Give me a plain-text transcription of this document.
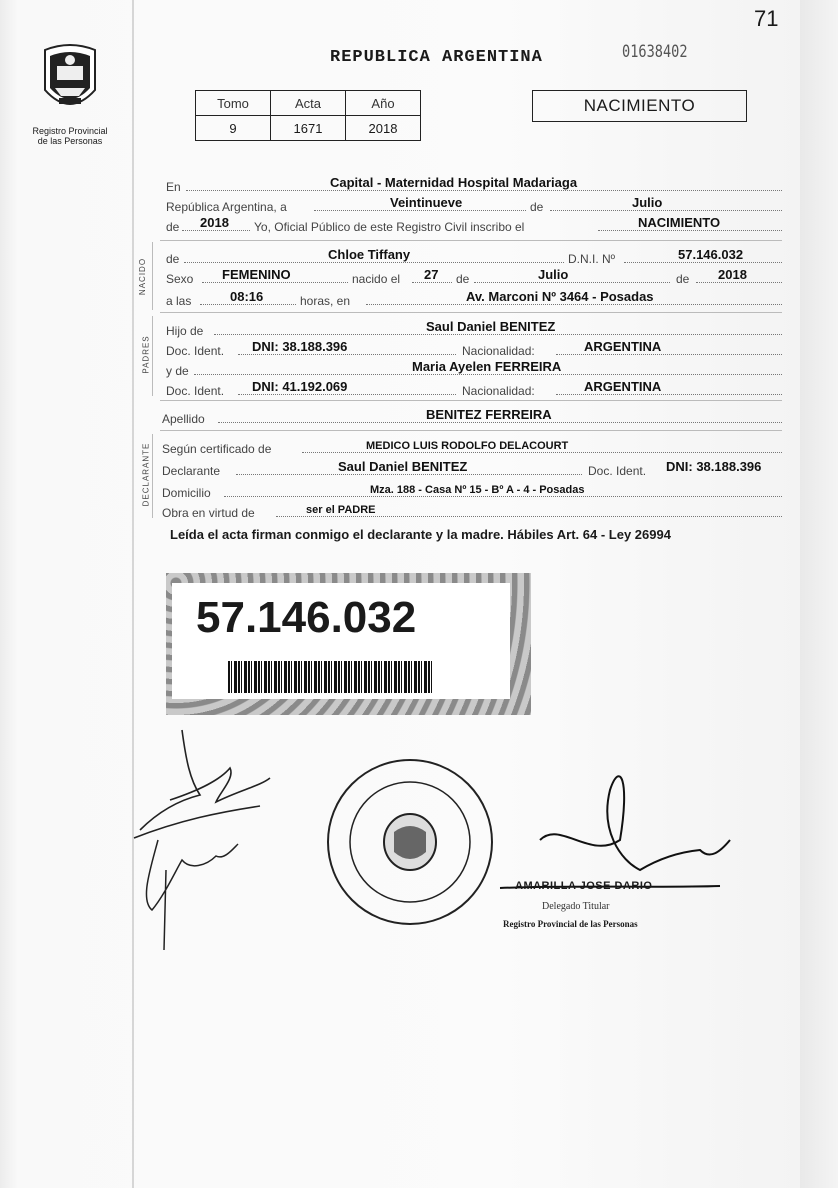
71
Registro Provincial
de las Personas
REPUBLICA ARGENTINA	01638402
Tomo	Acta	Año
9	1671	2018
NACIMIENTO
En	Capital - Maternidad Hospital Madariaga
República Argentina, a	Veintinueve	de	Julio
de 2018 Yo, Oficial Público de este Registro Civil inscribo el	NACIMIENTO
NACIDO de	Chloe Tiffany	D.N.I. Nº	57.146.032
Sexo FEMENINO	nacido el 27 de	Julio	de 2018
a las	08:16	horas, en	Av. Marconi Nº 3464 - Posadas
PADRES
Hijo de	Saul Daniel BENITEZ
Doc. Ident. DNI: 38.188.396	Nacionalidad:	ARGENTINA
y de	Maria Ayelen FERREIRA
Doc. Ident. DNI: 41.192.069	Nacionalidad:	ARGENTINA
Apellido	BENITEZ FERREIRA
DECLARANTE Según certificado de	MEDICO LUIS RODOLFO DELACOURT
Declarante	Saul Daniel BENITEZ	Doc. Ident. DNI: 38.188.396
Domicilio	Mza. 188 - Casa Nº 15 - Bº A - 4 - Posadas
Obra en virtud de	ser el PADRE
Leída el acta firman conmigo el declarante y la madre. Hábiles Art. 64 - Ley 26994
57.146.032
AMARILLA JOSE DARIO
Delegado Titular
Registro Provincial de las Personas
